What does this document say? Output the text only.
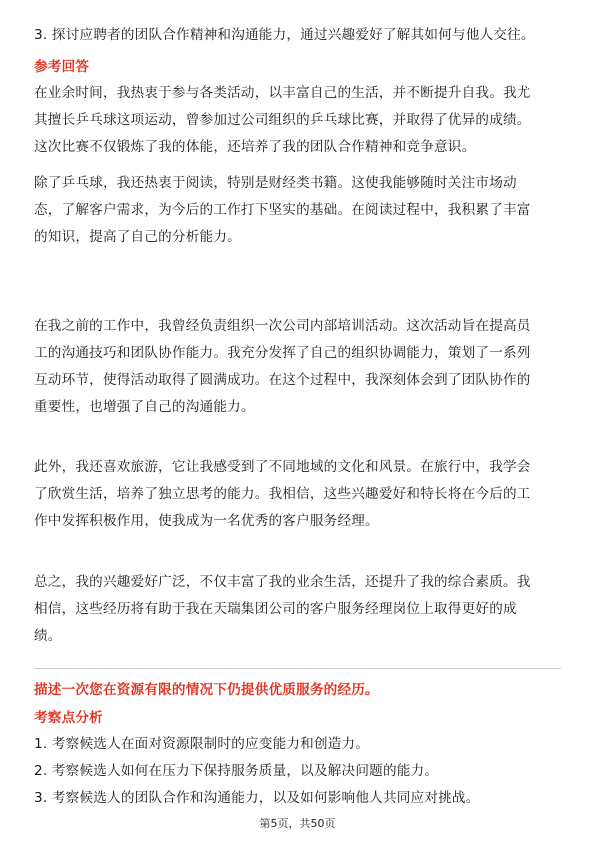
3. 探讨应聘者的团队合作精神和沟通能力，通过兴趣爱好了解其如何与他人交往。
参考回答
在业余时间，我热衷于参与各类活动，以丰富自己的生活，并不断提升自我。我尤
其擅长乒乓球这项运动，曾参加过公司组织的乒乓球比赛，并取得了优异的成绩。
这次比赛不仅锻炼了我的体能，还培养了我的团队合作精神和竞争意识。
除了乒乓球，我还热衷于阅读，特别是财经类书籍。这使我能够随时关注市场动
态，了解客户需求，为今后的工作打下坚实的基础。在阅读过程中，我积累了丰富
的知识，提高了自己的分析能力。
在我之前的工作中，我曾经负责组织一次公司内部培训活动。这次活动旨在提高员
工的沟通技巧和团队协作能力。我充分发挥了自己的组织协调能力，策划了一系列
互动环节，使得活动取得了圆满成功。在这个过程中，我深刻体会到了团队协作的
重要性，也增强了自己的沟通能力。
此外，我还喜欢旅游，它让我感受到了不同地域的文化和风景。在旅行中，我学会
了欣赏生活，培养了独立思考的能力。我相信，这些兴趣爱好和特长将在今后的工
作中发挥积极作用，使我成为一名优秀的客户服务经理。
总之，我的兴趣爱好广泛，不仅丰富了我的业余生活，还提升了我的综合素质。我
相信，这些经历将有助于我在天瑞集团公司的客户服务经理岗位上取得更好的成
绩。
描述一次您在资源有限的情况下仍提供优质服务的经历。
考察点分析
1. 考察候选人在面对资源限制时的应变能力和创造力。
2. 考察候选人如何在压力下保持服务质量，以及解决问题的能力。
3. 考察候选人的团队合作和沟通能力，以及如何影响他人共同应对挑战。
第5页，共50页
